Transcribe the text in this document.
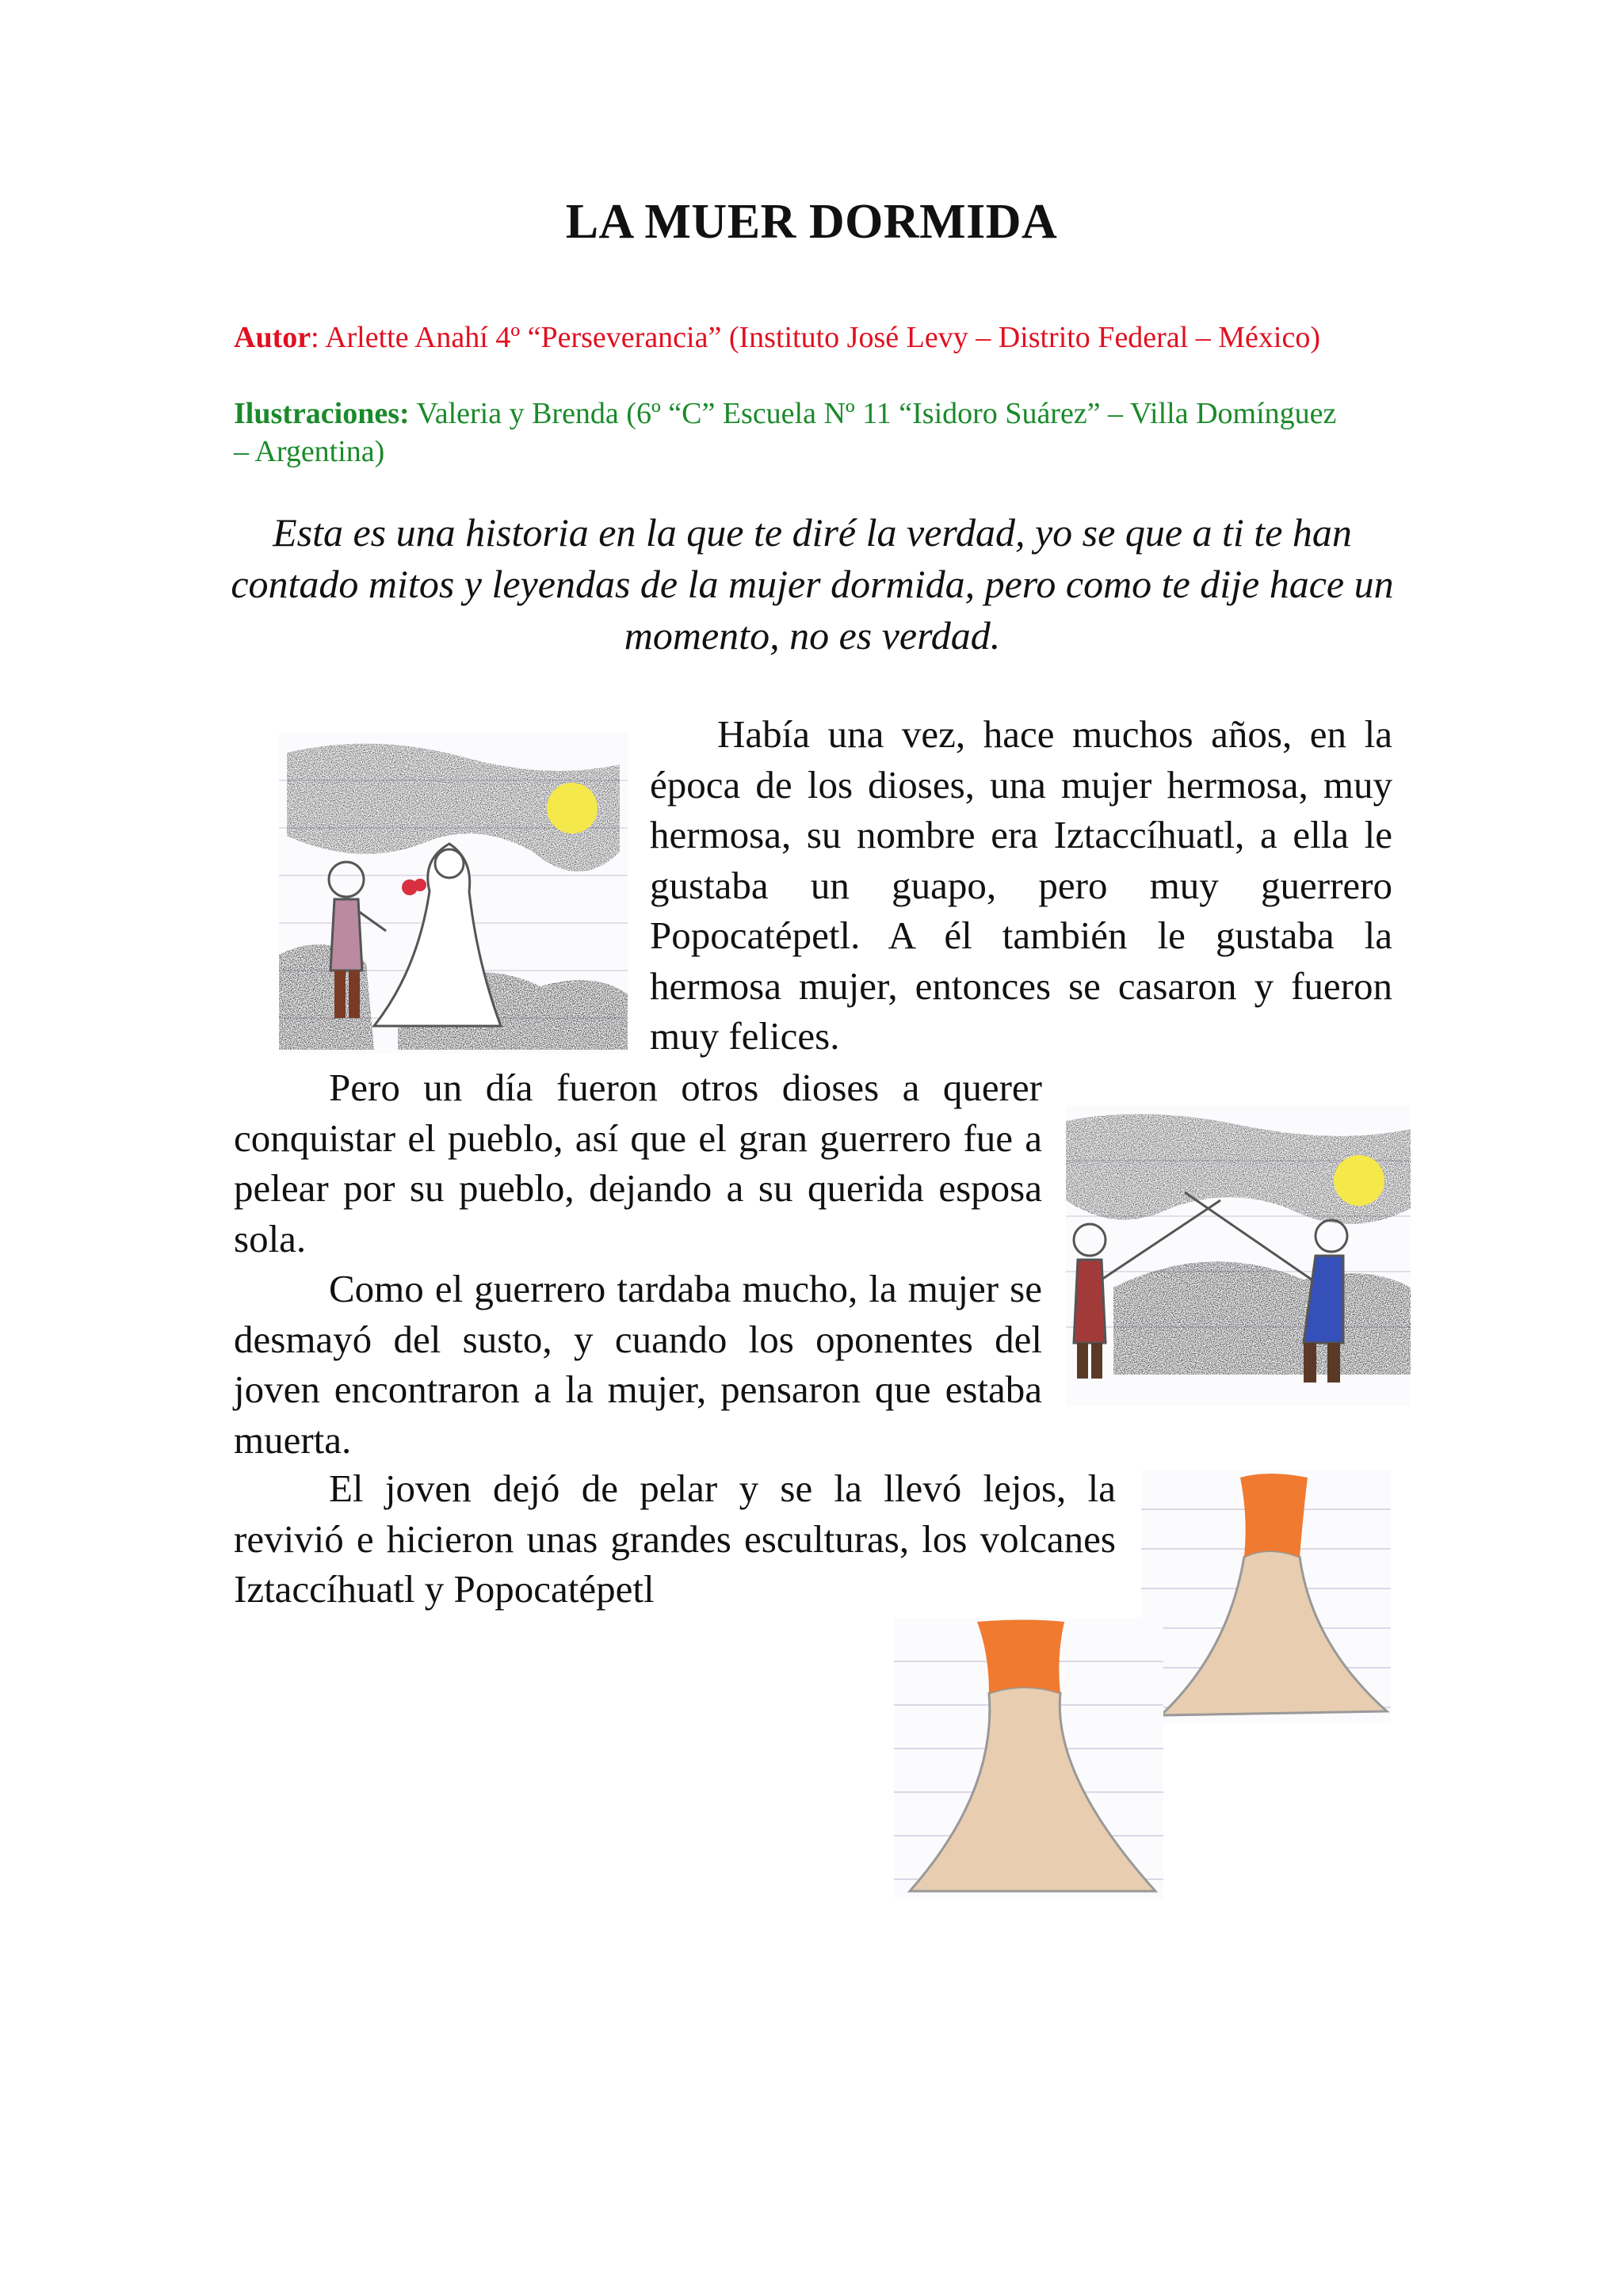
LA MUER DORMIDA
Autor: Arlette Anahí 4º “Perseverancia” (Instituto José Levy – Distrito Federal – México)
Ilustraciones: Valeria y Brenda (6º “C” Escuela Nº 11 “Isidoro Suárez” – Villa Domínguez – Argentina)
Esta es una historia en la que te diré la verdad, yo se que a ti te han contado mitos y leyendas de la mujer dormida, pero como te dije hace un momento, no es verdad.

Había una vez, hace muchos años, en la época de los dioses, una mujer hermosa, muy hermosa, su nombre era Iztaccíhuatl, a ella le gustaba un guapo, pero muy guerrero Popocatépetl. A él también le gustaba la hermosa mujer, entonces se casaron y fueron muy felices.

Pero un día fueron otros dioses a querer conquistar el pueblo, así que el gran guerrero fue a pelear por su pueblo, dejando a su querida esposa sola.

Como el guerrero tardaba mucho, la mujer se desmayó del susto, y cuando los oponentes del joven encontraron a la mujer, pensaron que estaba muerta.

El joven dejó de pelar y se la llevó lejos, la revivió e hicieron unas grandes esculturas, los volcanes Iztaccíhuatl y Popocatépetl
